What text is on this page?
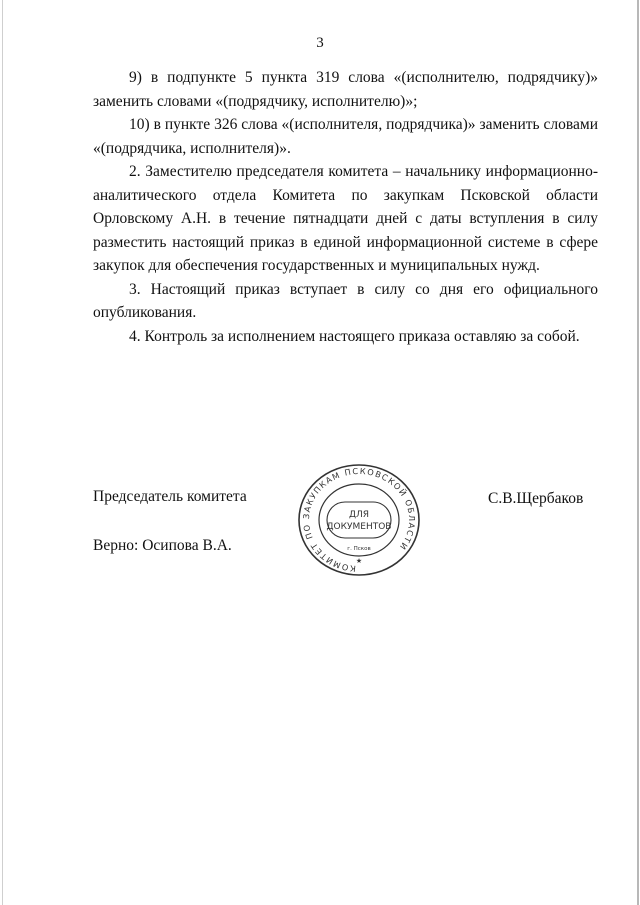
3

9) в подпункте 5 пункта 319 слова «(исполнителю, подрядчику)» заменить словами «(подрядчику, исполнителю)»;

10) в пункте 326 слова «(исполнителя, подрядчика)» заменить словами «(подрядчика, исполнителя)».

2. Заместителю председателя комитета – начальнику информационно-аналитического отдела Комитета по закупкам Псковской области Орловскому А.Н. в течение пятнадцати дней с даты вступления в силу разместить настоящий приказ в единой информационной системе в сфере закупок для обеспечения государственных и муниципальных нужд.

3. Настоящий приказ вступает в силу со дня его официального опубликования.

4. Контроль за исполнением настоящего приказа оставляю за собой.

Председатель комитета	С.В.Щербаков
Верно: Осипова В.А.
КОМИТЕТ ПО ЗАКУПКАМ ПСКОВСКОЙ ОБЛАСТИ
ДЛЯ
ДОКУМЕНТОВ
г. Псков
★
